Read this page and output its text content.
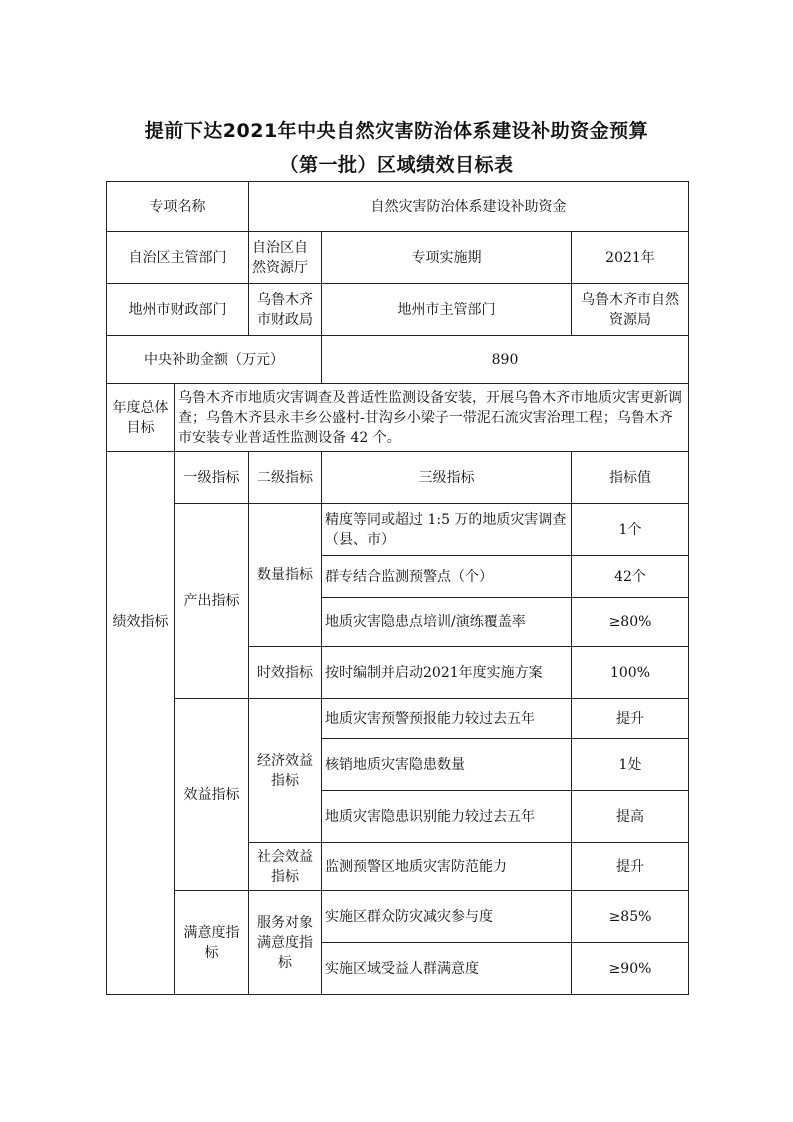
提前下达2021年中央自然灾害防治体系建设补助资金预算
（第一批）区域绩效目标表
专项名称		自然灾害防治体系建设补助资金		
自治区主管部门		自治区自然资源厅	专项实施期	2021年
地州市财政部门		乌鲁木齐市财政局	地州市主管部门	乌鲁木齐市自然资源局
中央补助金额（万元）			890	
年度总体目标	乌鲁木齐市地质灾害调查及普适性监测设备安装，开展乌鲁木齐市地质灾害更新调查；乌鲁木齐县永丰乡公盛村-甘沟乡小梁子一带泥石流灾害治理工程；乌鲁木齐市安装专业普适性监测设备 42 个。			

绩效指标	一级指标	二级指标	三级指标	指标值
	产出指标	数量指标	精度等同或超过 1:5 万的地质灾害调查（县、市）	1个
			群专结合监测预警点（个）	42个
			地质灾害隐患点培训/演练覆盖率	≥80%
		时效指标	按时编制并启动2021年度实施方案	100%
	效益指标	经济效益指标	地质灾害预警预报能力较过去五年	提升
			核销地质灾害隐患数量	1处
			地质灾害隐患识别能力较过去五年	提高
		社会效益指标	监测预警区地质灾害防范能力	提升
	满意度指标	服务对象满意度指标	实施区群众防灾减灾参与度	≥85%
			实施区域受益人群满意度	≥90%
